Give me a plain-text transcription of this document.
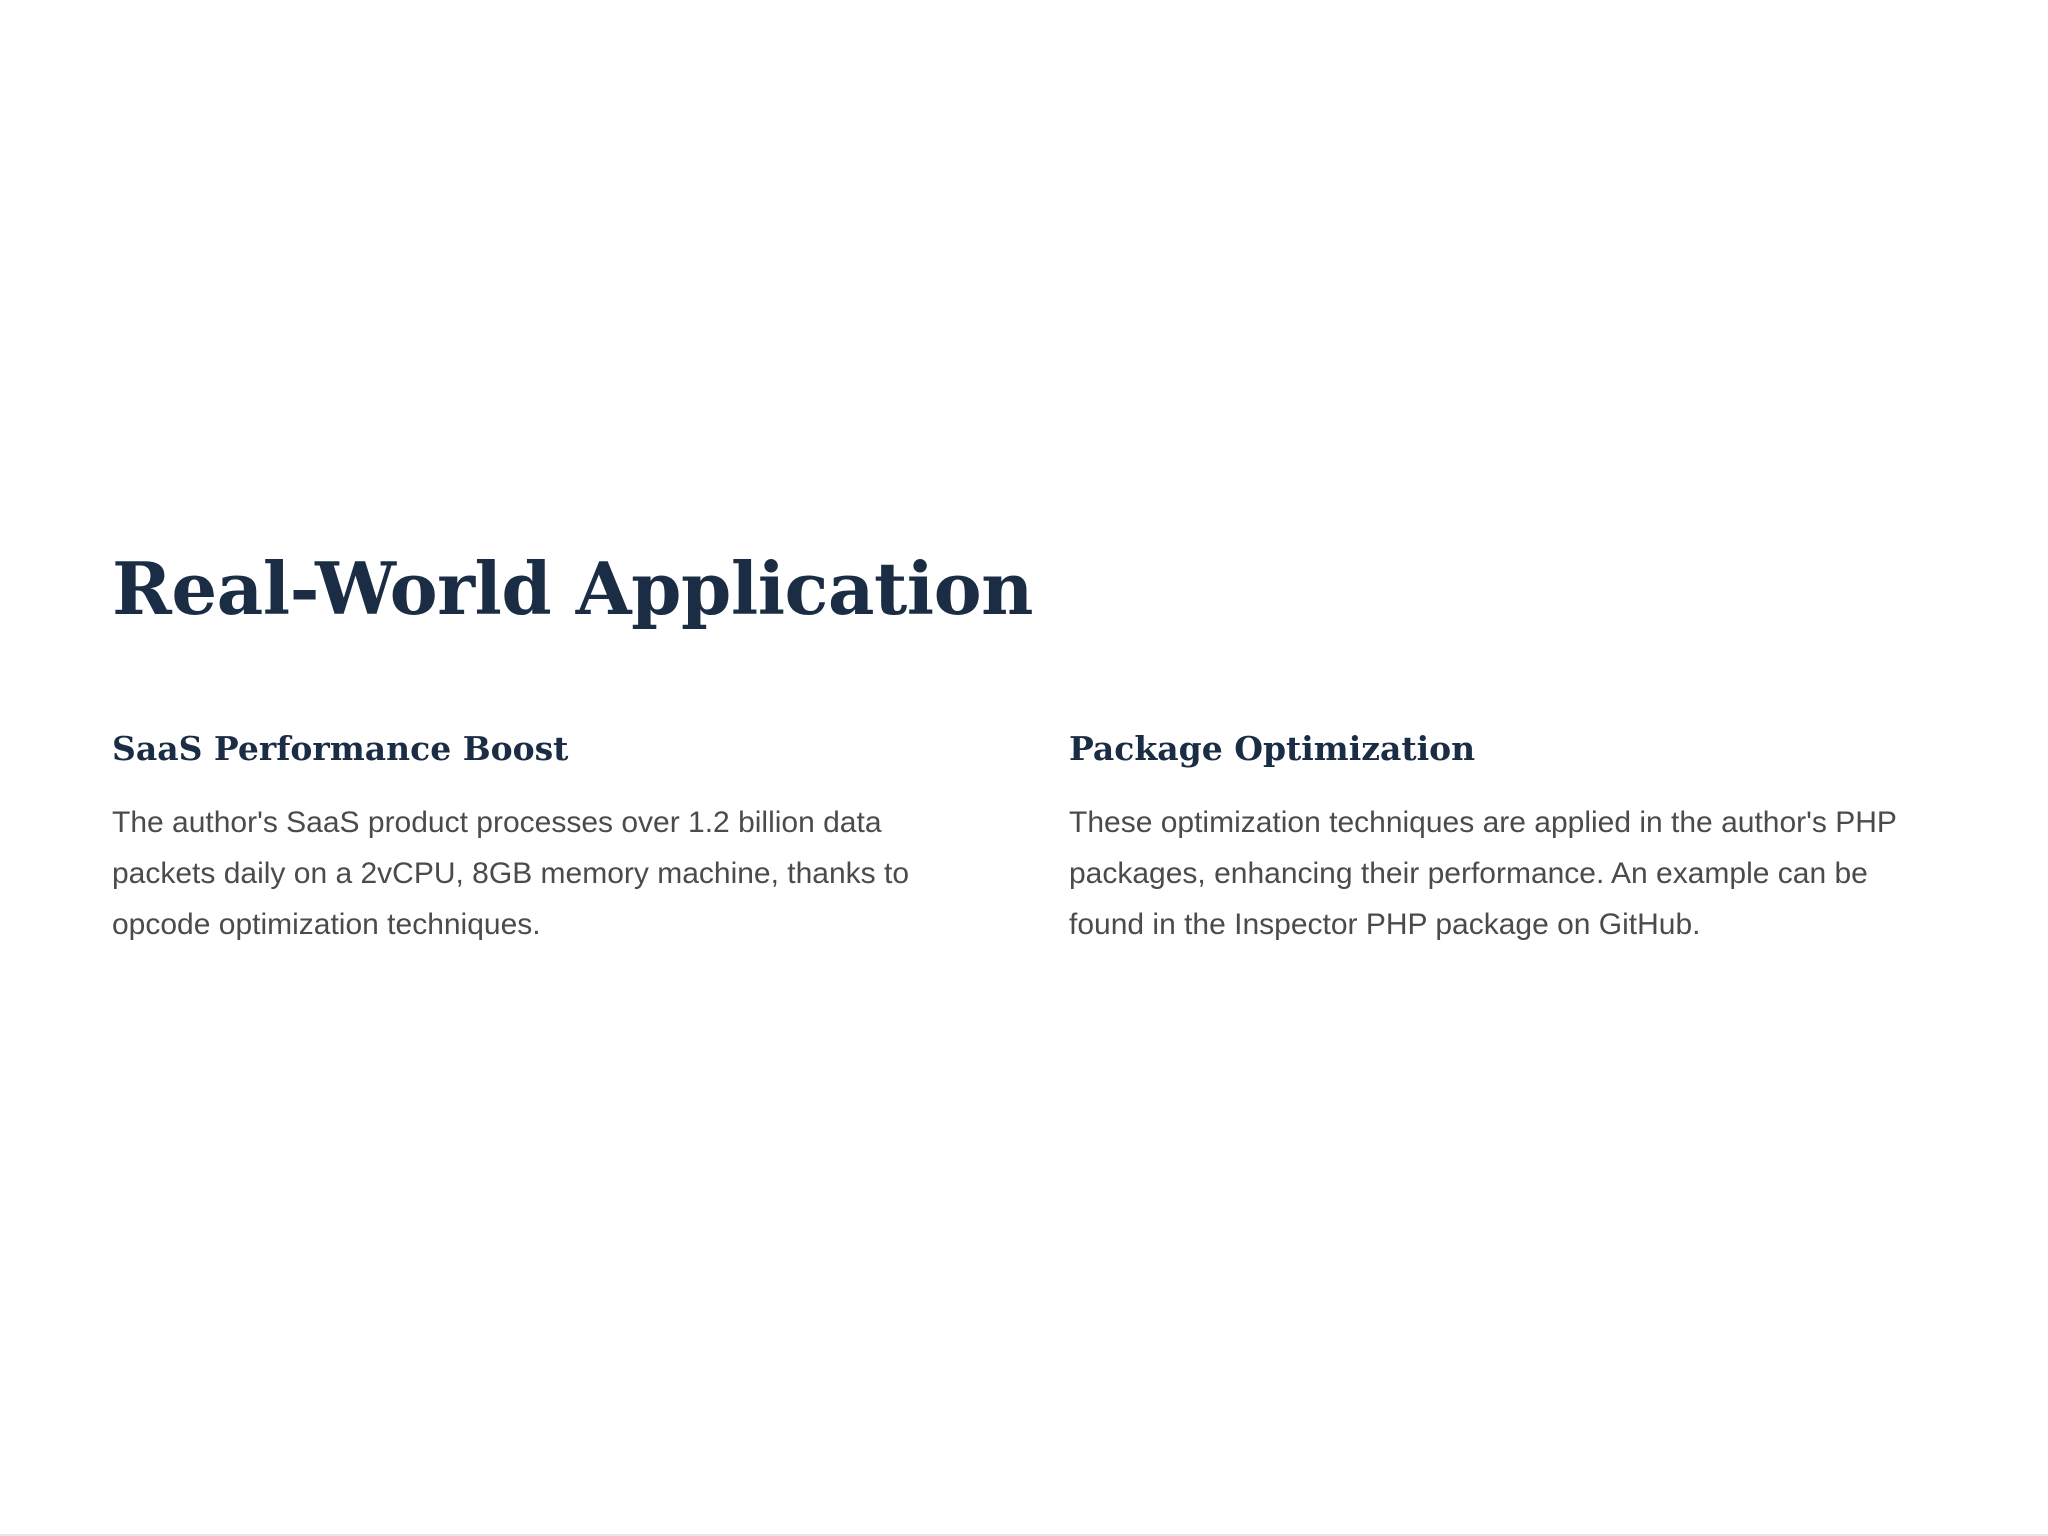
Real-World Application
SaaS Performance Boost

The author's SaaS product processes over 1.2 billion data packets daily on a 2vCPU, 8GB memory machine, thanks to opcode optimization techniques.

Package Optimization

These optimization techniques are applied in the author's PHP packages, enhancing their performance. An example can be found in the Inspector PHP package on GitHub.
